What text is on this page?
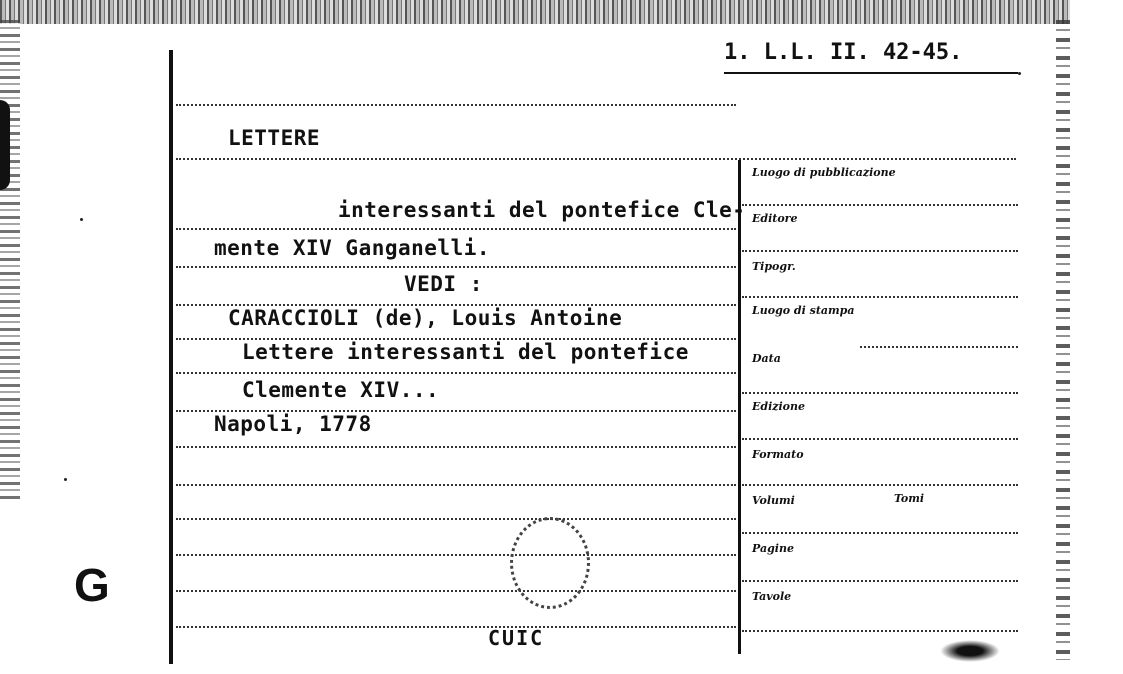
1. L.L. II. 42-45.
LETTERE
interessanti del pontefice Cle-
mente XIV Ganganelli.
VEDI :
CARACCIOLI (de), Louis Antoine
Lettere interessanti del pontefice
Clemente XIV...
Napoli, 1778
Luogo di pubblicazione
Editore
Tipogr.
Luogo di stampa
Data
Edizione
Formato
Volumi	Tomi
Pagine
Tavole
G
CUIC
